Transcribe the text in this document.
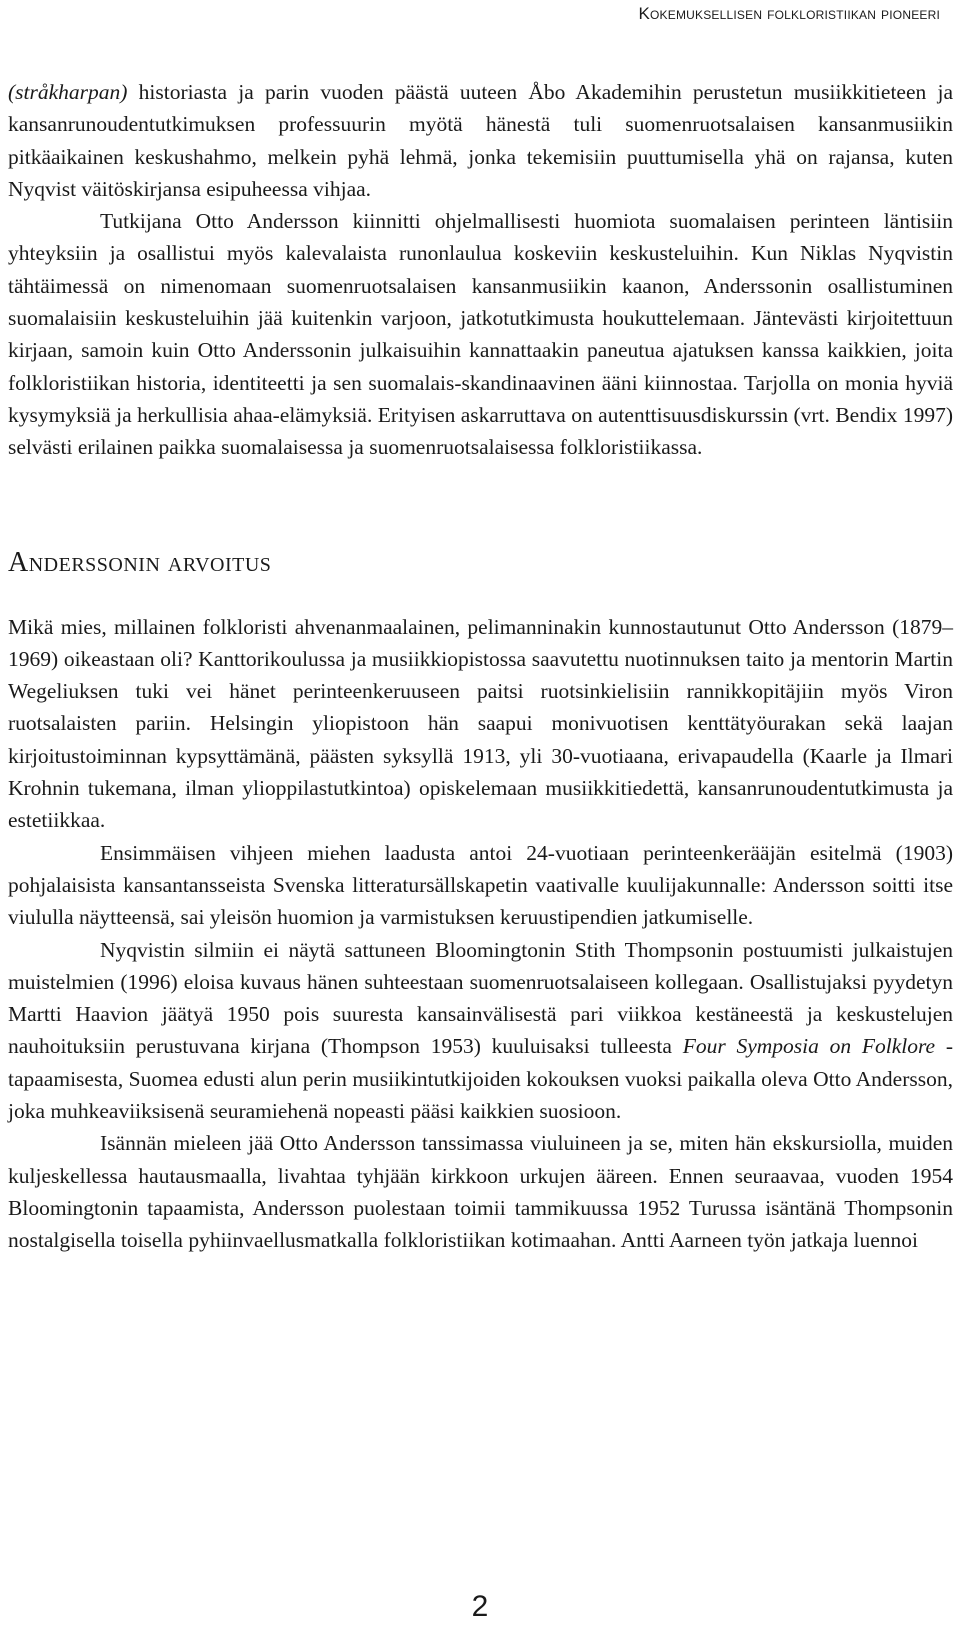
Kokemuksellisen folkloristiikan pioneeri

(stråkharpan) historiasta ja parin vuoden päästä uuteen Åbo Akademihin perustetun musiikkitieteen ja kansanrunoudentutkimuksen professuurin myötä hänestä tuli suomenruotsalaisen kansanmusiikin pitkäaikainen keskushahmo, melkein pyhä lehmä, jonka tekemisiin puuttumisella yhä on rajansa, kuten Nyqvist väitöskirjansa esipuheessa vihjaa.

Tutkijana Otto Andersson kiinnitti ohjelmallisesti huomiota suomalaisen perinteen läntisiin yhteyksiin ja osallistui myös kalevalaista runonlaulua koskeviin keskusteluihin. Kun Niklas Nyqvistin tähtäimessä on nimenomaan suomenruotsalaisen kansanmusiikin kaanon, Anderssonin osallistuminen suomalaisiin keskusteluihin jää kuitenkin varjoon, jatkotutkimusta houkuttelemaan. Jäntevästi kirjoitettuun kirjaan, samoin kuin Otto Anderssonin julkaisuihin kannattaakin paneutua ajatuksen kanssa kaikkien, joita folkloristiikan historia, identiteetti ja sen suomalais-skandinaavinen ääni kiinnostaa. Tarjolla on monia hyviä kysymyksiä ja herkullisia ahaa-elämyksiä. Erityisen askarruttava on autenttisuusdiskurssin (vrt. Bendix 1997) selvästi erilainen paikka suomalaisessa ja suomenruotsalaisessa folkloristiikassa.

Anderssonin arvoitus

Mikä mies, millainen folkloristi ahvenanmaalainen, pelimanninakin kunnostautunut Otto Andersson (1879–1969) oikeastaan oli? Kanttorikoulussa ja musiikkiopistossa saavutettu nuotinnuksen taito ja mentorin Martin Wegeliuksen tuki vei hänet perinteenkeruuseen paitsi ruotsinkielisiin rannikkopitäjiin myös Viron ruotsalaisten pariin. Helsingin yliopistoon hän saapui monivuotisen kenttätyöurakan sekä laajan kirjoitustoiminnan kypsyttämänä, päästen syksyllä 1913, yli 30-vuotiaana, erivapaudella (Kaarle ja Ilmari Krohnin tukemana, ilman ylioppilastutkintoa) opiskelemaan musiikkitiedettä, kansanrunoudentutkimusta ja estetiikkaa.

Ensimmäisen vihjeen miehen laadusta antoi 24-vuotiaan perinteenkerääjän esitelmä (1903) pohjalaisista kansantansseista Svenska litteratursällskapetin vaativalle kuulijakunnalle: Andersson soitti itse viululla näytteensä, sai yleisön huomion ja varmistuksen keruustipendien jatkumiselle.

Nyqvistin silmiin ei näytä sattuneen Bloomingtonin Stith Thompsonin postuumisti julkaistujen muistelmien (1996) eloisa kuvaus hänen suhteestaan suomenruotsalaiseen kollegaan. Osallistujaksi pyydetyn Martti Haavion jäätyä 1950 pois suuresta kansainvälisestä pari viikkoa kestäneestä ja keskustelujen nauhoituksiin perustuvana kirjana (Thompson 1953) kuuluisaksi tulleesta Four Symposia on Folklore -tapaamisesta, Suomea edusti alun perin musiikintutkijoiden kokouksen vuoksi paikalla oleva Otto Andersson, joka muhkeaviiksisenä seuramiehenä nopeasti pääsi kaikkien suosioon.

Isännän mieleen jää Otto Andersson tanssimassa viuluineen ja se, miten hän ekskursiolla, muiden kuljeskellessa hautausmaalla, livahtaa tyhjään kirkkoon urkujen ääreen. Ennen seuraavaa, vuoden 1954 Bloomingtonin tapaamista, Andersson puolestaan toimii tammikuussa 1952 Turussa isäntänä Thompsonin nostalgisella toisella pyhiinvaellusmatkalla folkloristiikan kotimaahan. Antti Aarneen työn jatkaja luennoi

2
